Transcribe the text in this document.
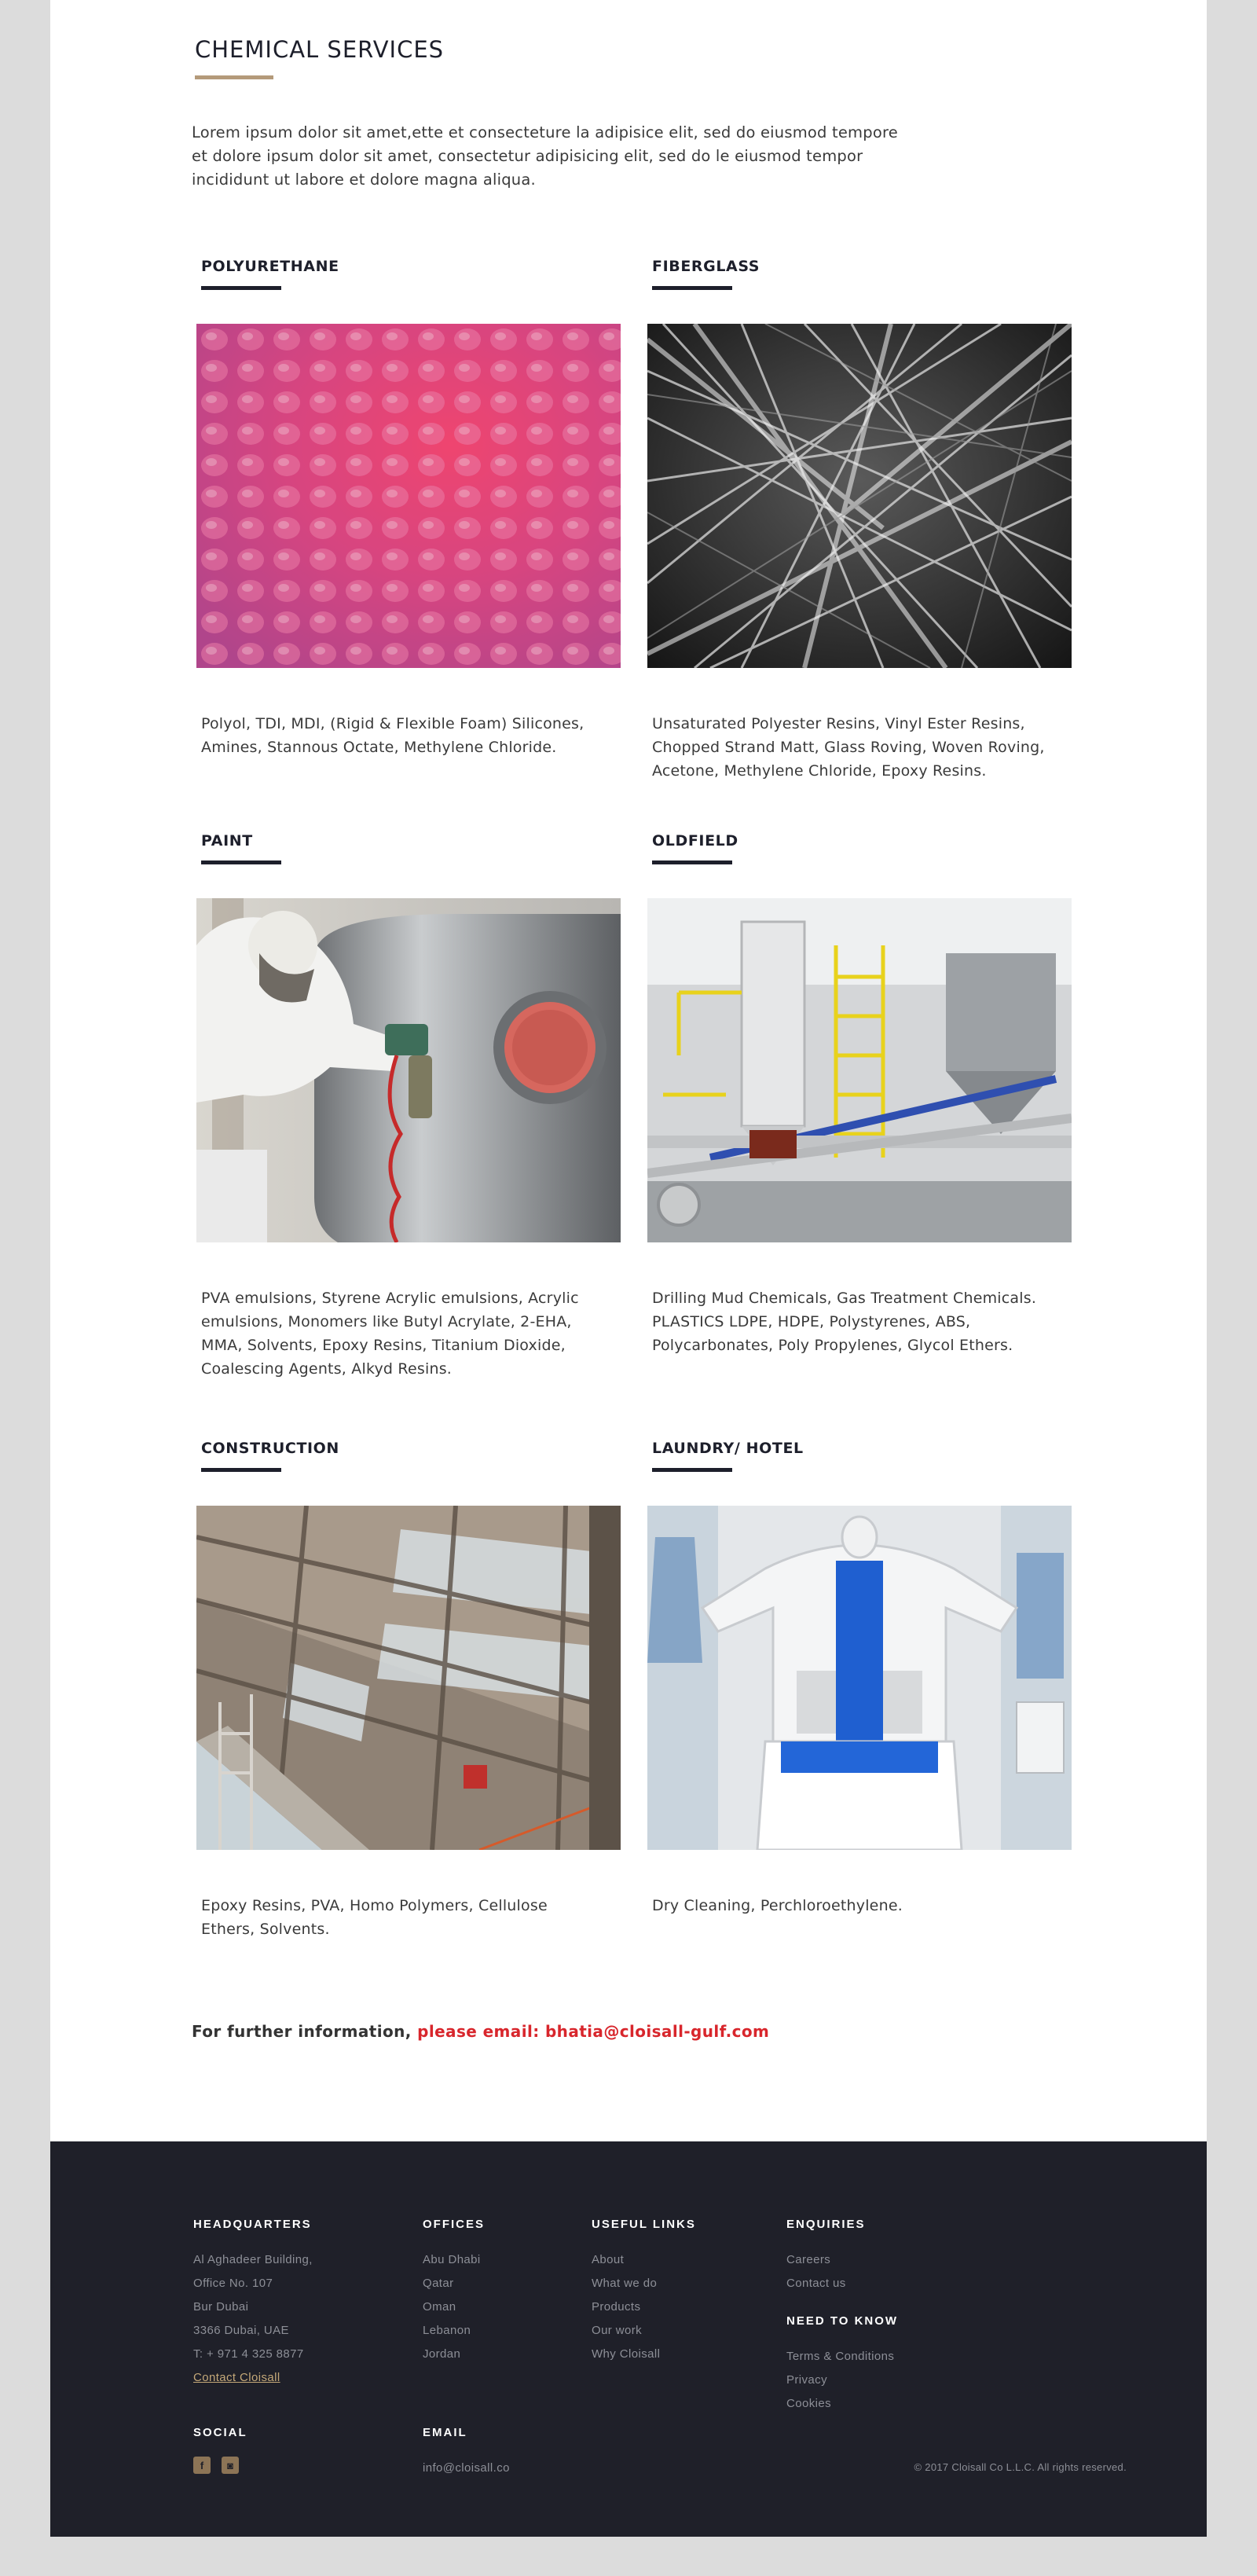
CHEMICAL SERVICES

Lorem ipsum dolor sit amet,ette et consecteture la adipisice elit, sed do eiusmod tempore et dolore ipsum dolor sit amet, consectetur adipisicing elit, sed do le eiusmod tempor incididunt ut labore et dolore magna aliqua.

POLYURETHANE

Polyol, TDI, MDI, (Rigid & Flexible Foam) Silicones, Amines, Stannous Octate, Methylene Chloride.

FIBERGLASS

Unsaturated Polyester Resins, Vinyl Ester Resins, Chopped Strand Matt, Glass Roving, Woven Roving, Acetone, Methylene Chloride, Epoxy Resins.

PAINT

PVA emulsions, Styrene Acrylic emulsions, Acrylic emulsions, Monomers like Butyl Acrylate, 2-EHA, MMA, Solvents, Epoxy Resins, Titanium Dioxide, Coalescing Agents, Alkyd Resins.

OLDFIELD

Drilling Mud Chemicals, Gas Treatment Chemicals. PLASTICS LDPE, HDPE, Polystyrenes, ABS, Polycarbonates, Poly Propylenes, Glycol Ethers.

CONSTRUCTION

Epoxy Resins, PVA, Homo Polymers, Cellulose Ethers, Solvents.

LAUNDRY/ HOTEL

Dry Cleaning, Perchloroethylene.

For further information, please email: bhatia@cloisall-gulf.com

HEADQUARTERS
Al Aghadeer Building,
Office No. 107
Bur Dubai
3366 Dubai, UAE
T: + 971 4 325 8877
Contact Cloisall
OFFICES
Abu Dhabi
Qatar
Oman
Lebanon
Jordan
USEFUL LINKS
About
What we do
Products
Our work
Why Cloisall
ENQUIRIES
Careers
Contact us
NEED TO KNOW
Terms & Conditions
Privacy
Cookies
SOCIAL
f	◙
EMAIL
info@cloisall.co	© 2017 Cloisall Co L.L.C. All rights reserved.
